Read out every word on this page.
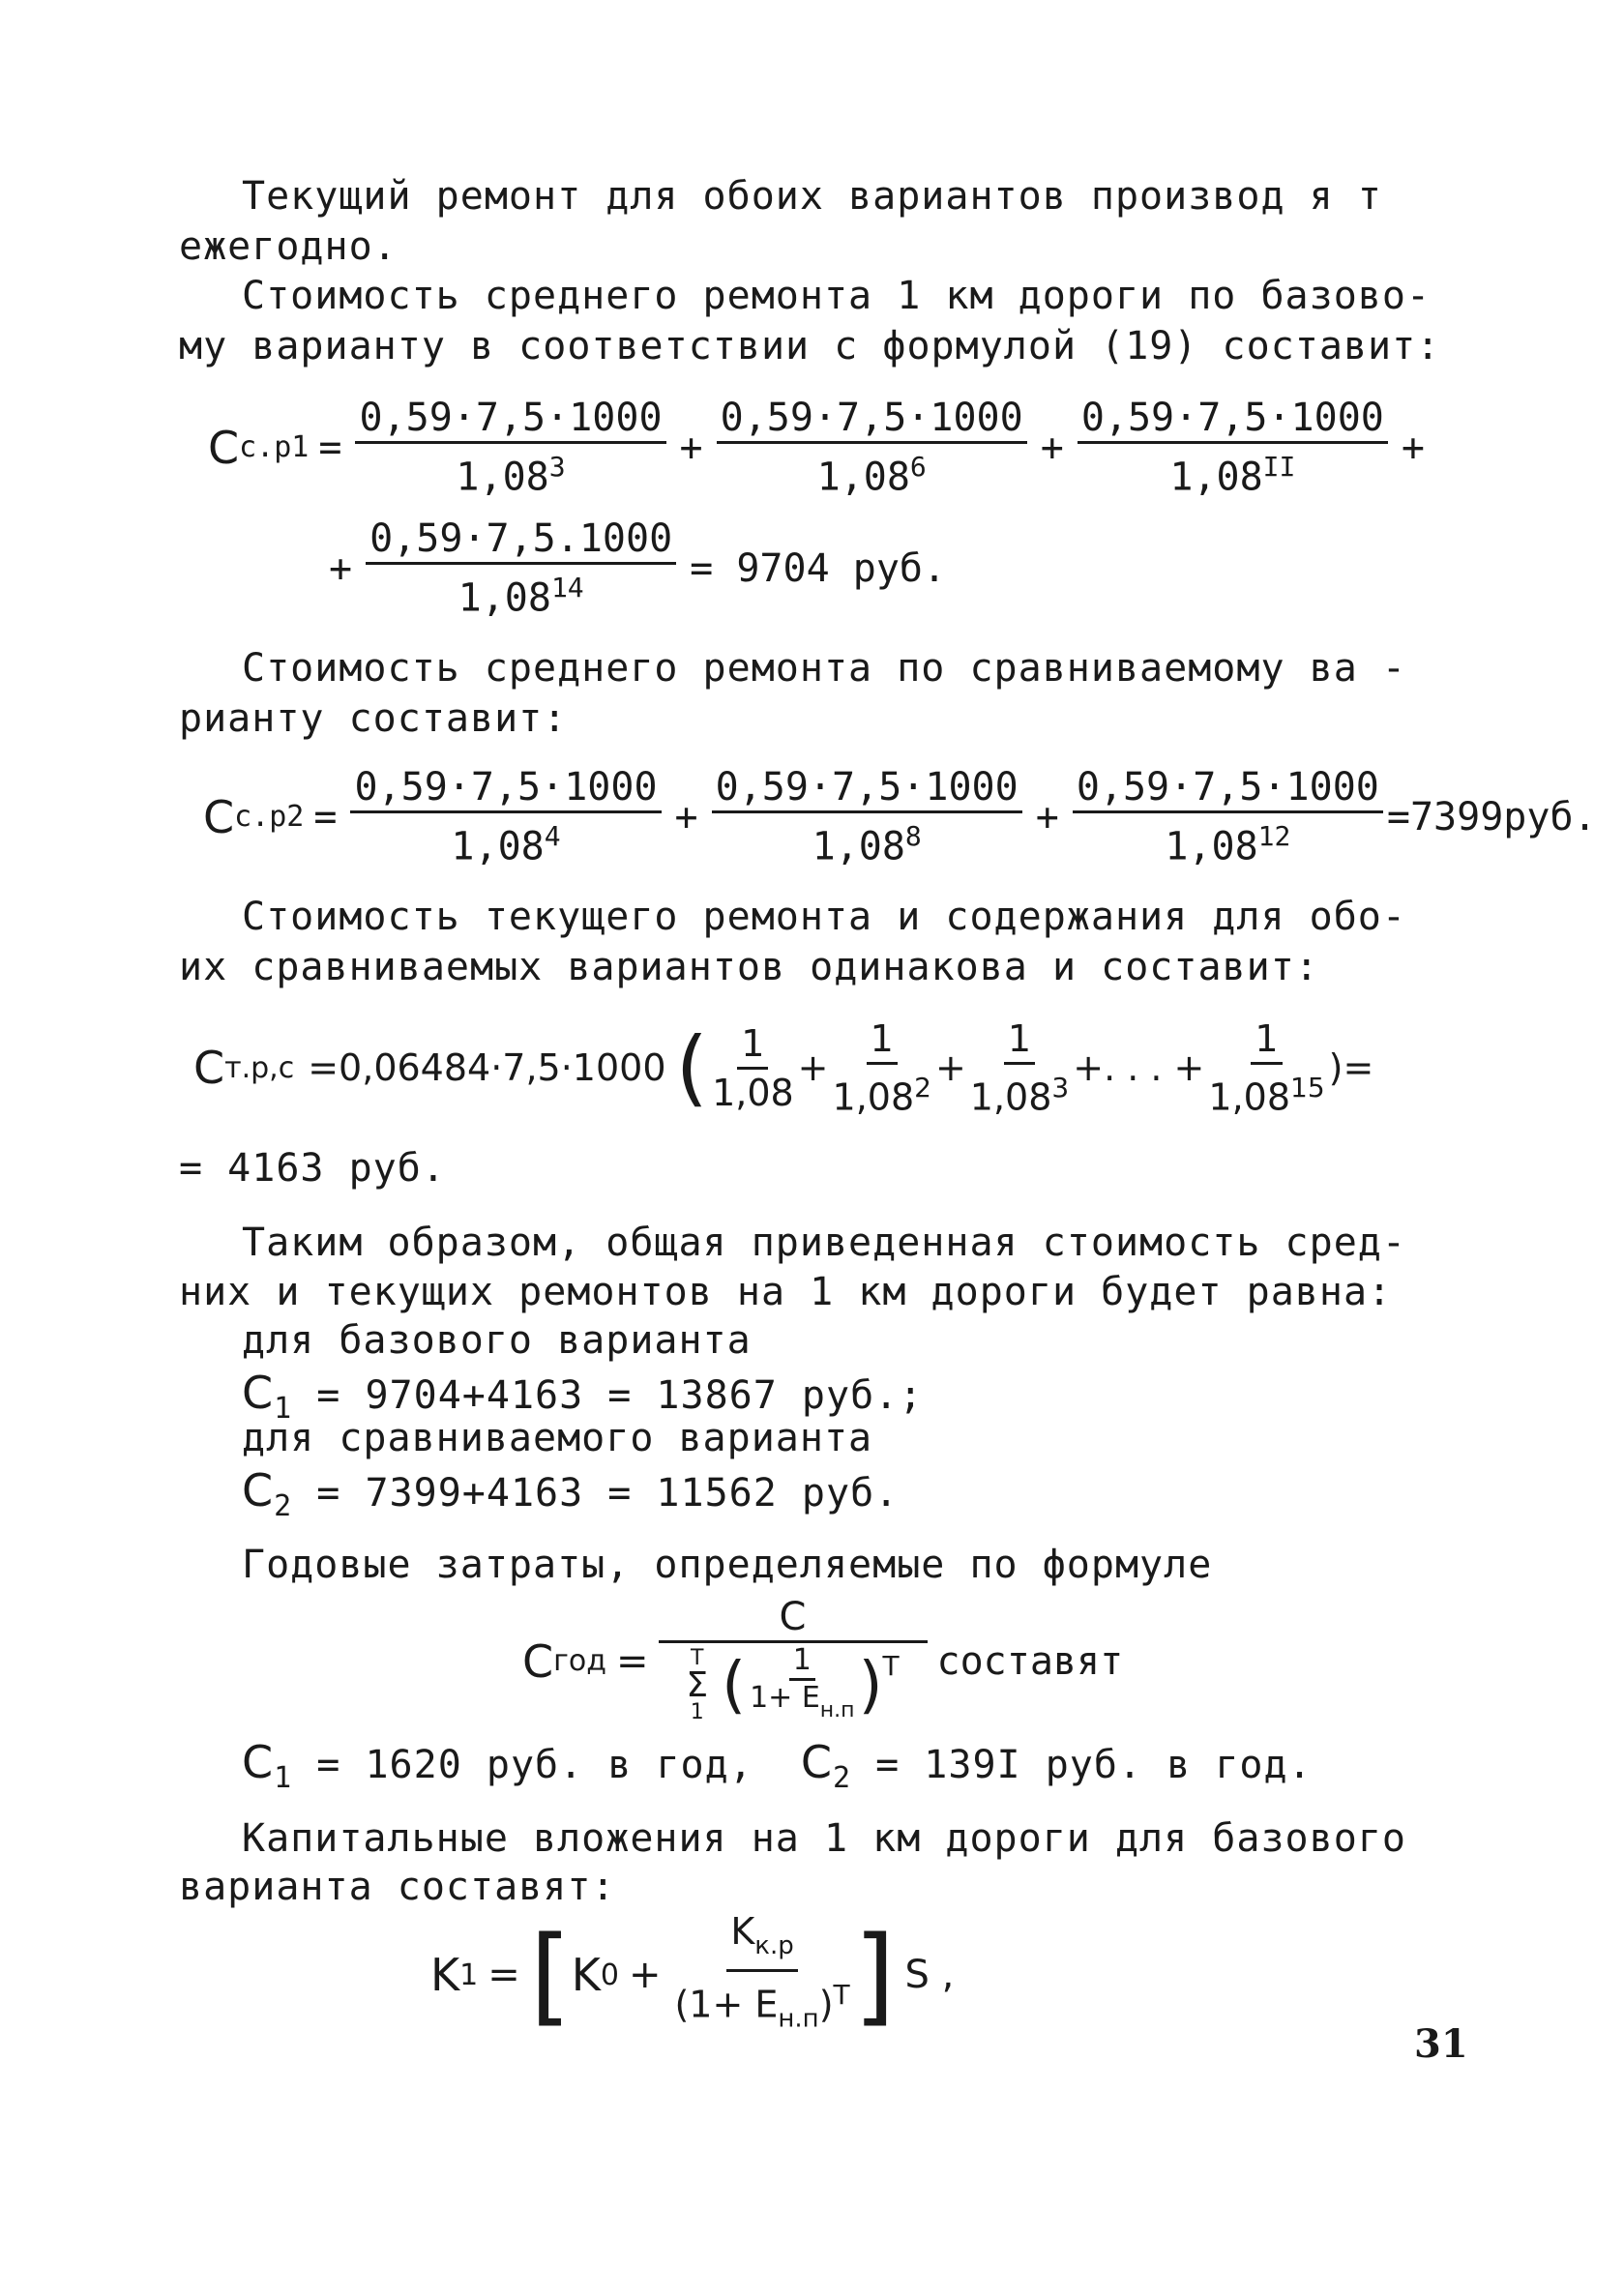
Текущий ремонт для обоих вариантов производ я т
ежегодно.
Стоимость среднего ремонта 1 км дороги по базово-
му варианту в соответствии с формулой (19) составит:
C $с.р1 = \frac{0,59\cdot 7,5\cdot 1000}{1,08^3} + \frac{0,59\cdot 7,5\cdot 1000}{1,08^6} + \frac{0,59\cdot 7,5\cdot 1000}{1,08^{II}}$ +
+ $\frac{0,59\cdot 7,5.1000}{1,08^{14}} = 9704$ руб.
Стоимость среднего ремонта по сравниваемому ва -
рианту составит:
C $с.р2 = \frac{0,59\cdot 7,5\cdot 1000}{1,08^4} + \frac{0,59\cdot 7,5\cdot 1000}{1,08^8} + \frac{0,59\cdot 7,5\cdot 1000}{1,08^{12}} =7399руб$.
Стоимость текущего ремонта и содержания для обо-
их сравниваемых вариантов одинакова и составит:
C т.р,с =0,06484·7,5·1000 ( $\frac{1}{1,08} + \frac{1}{1,08^2} + \frac{1}{1,08^3}$ +. . . + $\frac{1}{1,08^{15}}$ )=
= 4163 руб.
Таким образом, общая приведенная стоимость сред-
них и текущих ремонтов на 1 км дороги будет равна:
для базового варианта
$C_1 = 9704+4163 = 13867$ руб.;
для сравниваемого варианта
$C_2 = 7399+4163 = 11562$ руб.
Годовые затраты, определяемые по формуле
C год =
C
T
Σ
1 ( $\frac{1}{1+ E_{н.п}}$ ) T составят
$C_1 = 1620$ руб. в год, $C_2 = 139I$ руб. в год.
Капитальные вложения на 1 км дороги для базового
варианта составят:
K 1 = [ K $0 + \frac{K_{к.р}}{(1+ E_{н.п})^T}$ ] S ,
31
